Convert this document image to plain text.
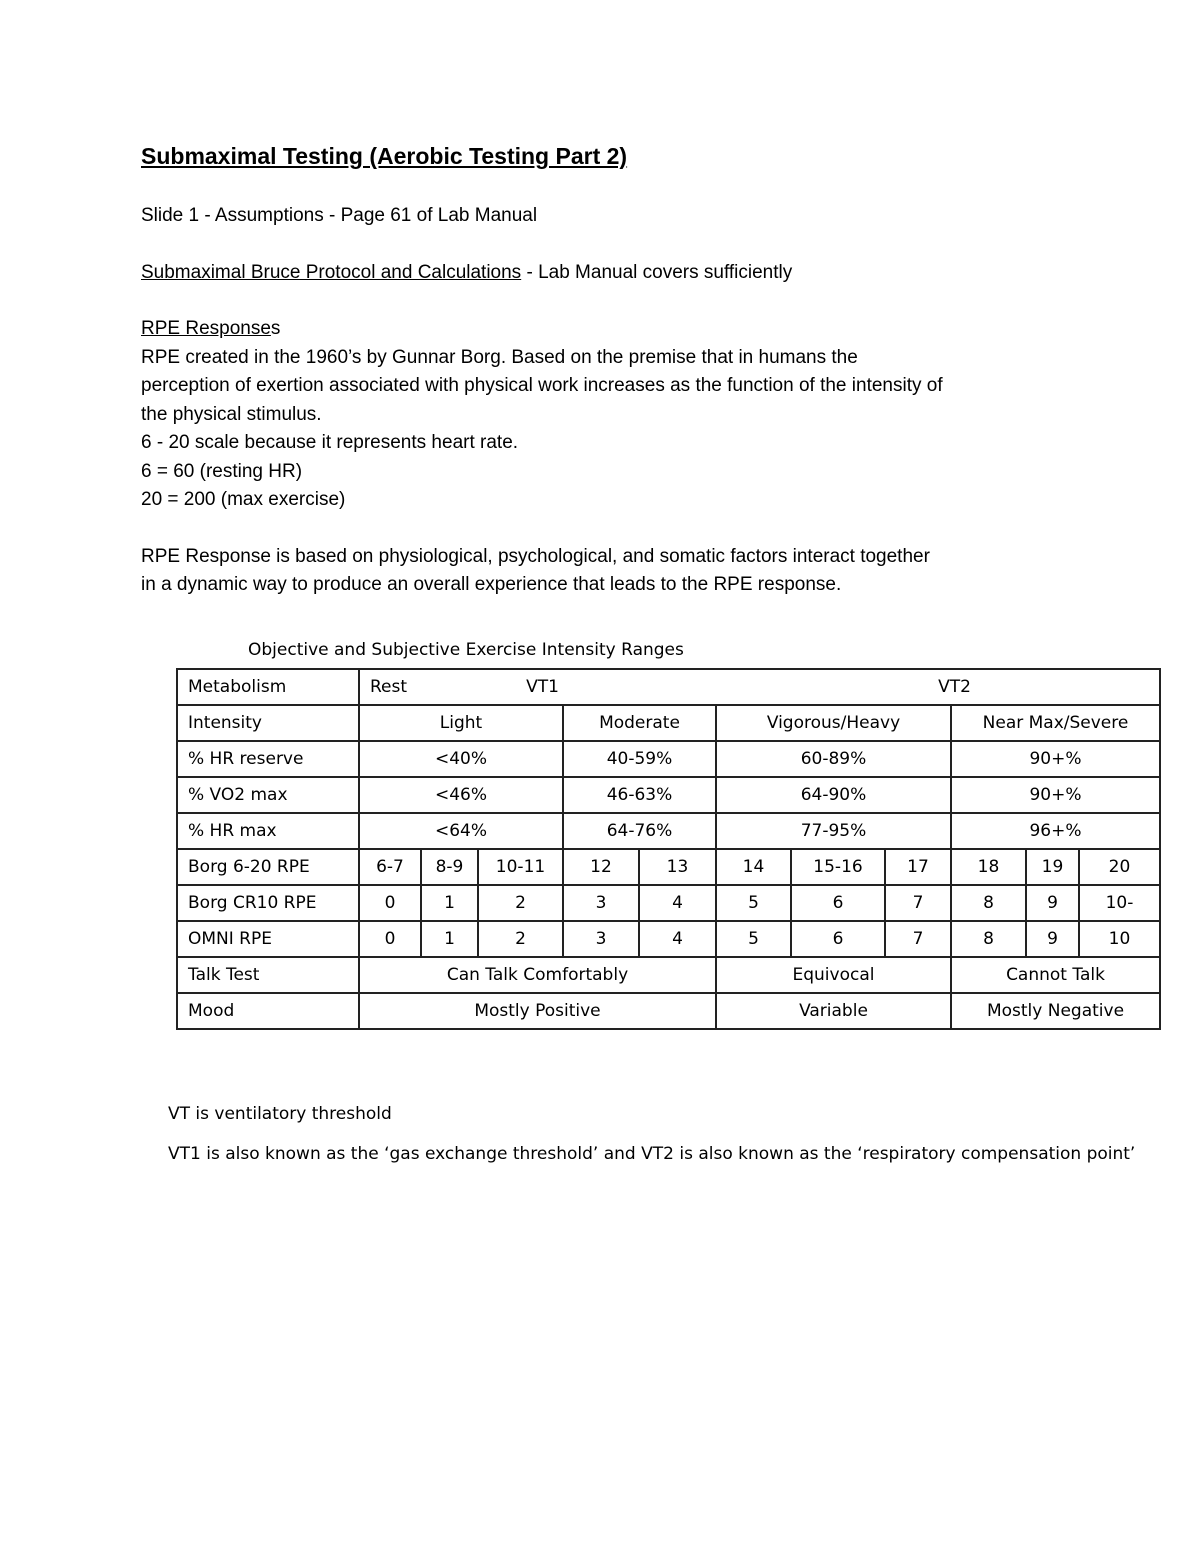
Submaximal Testing (Aerobic Testing Part 2)
Slide 1 - Assumptions - Page 61 of Lab Manual
Submaximal Bruce Protocol and Calculations - Lab Manual covers sufficiently
RPE Responses
RPE created in the 1960’s by Gunnar Borg. Based on the premise that in humans the
perception of exertion associated with physical work increases as the function of the intensity of
the physical stimulus.
6 - 20 scale because it represents heart rate.
6 = 60 (resting HR)
20 = 200 (max exercise)
RPE Response is based on physiological, psychological, and somatic factors interact together
in a dynamic way to produce an overall experience that leads to the RPE response.
Objective and Subjective Exercise Intensity Ranges
Metabolism	Rest VT1 VT2										

Intensity	Light			Moderate		Vigorous/Heavy			Near Max/Severe		
% HR reserve	<40%			40-59%		60-89%			90+%		
% VO2 max	<46%			46-63%		64-90%			90+%		
% HR max	<64%			64-76%		77-95%			96+%		
Borg 6-20 RPE	6-7	8-9	10-11	12	13	14	15-16	17	18	19	20
Borg CR10 RPE	0	1	2	3	4	5	6	7	8	9	10-
OMNI RPE	0	1	2	3	4	5	6	7	8	9	10
Talk Test	Can Talk Comfortably					Equivocal			Cannot Talk		
Mood	Mostly Positive					Variable			Mostly Negative		
VT is ventilatory threshold
VT1 is also known as the ‘gas exchange threshold’ and VT2 is also known as the ‘respiratory compensation point’
